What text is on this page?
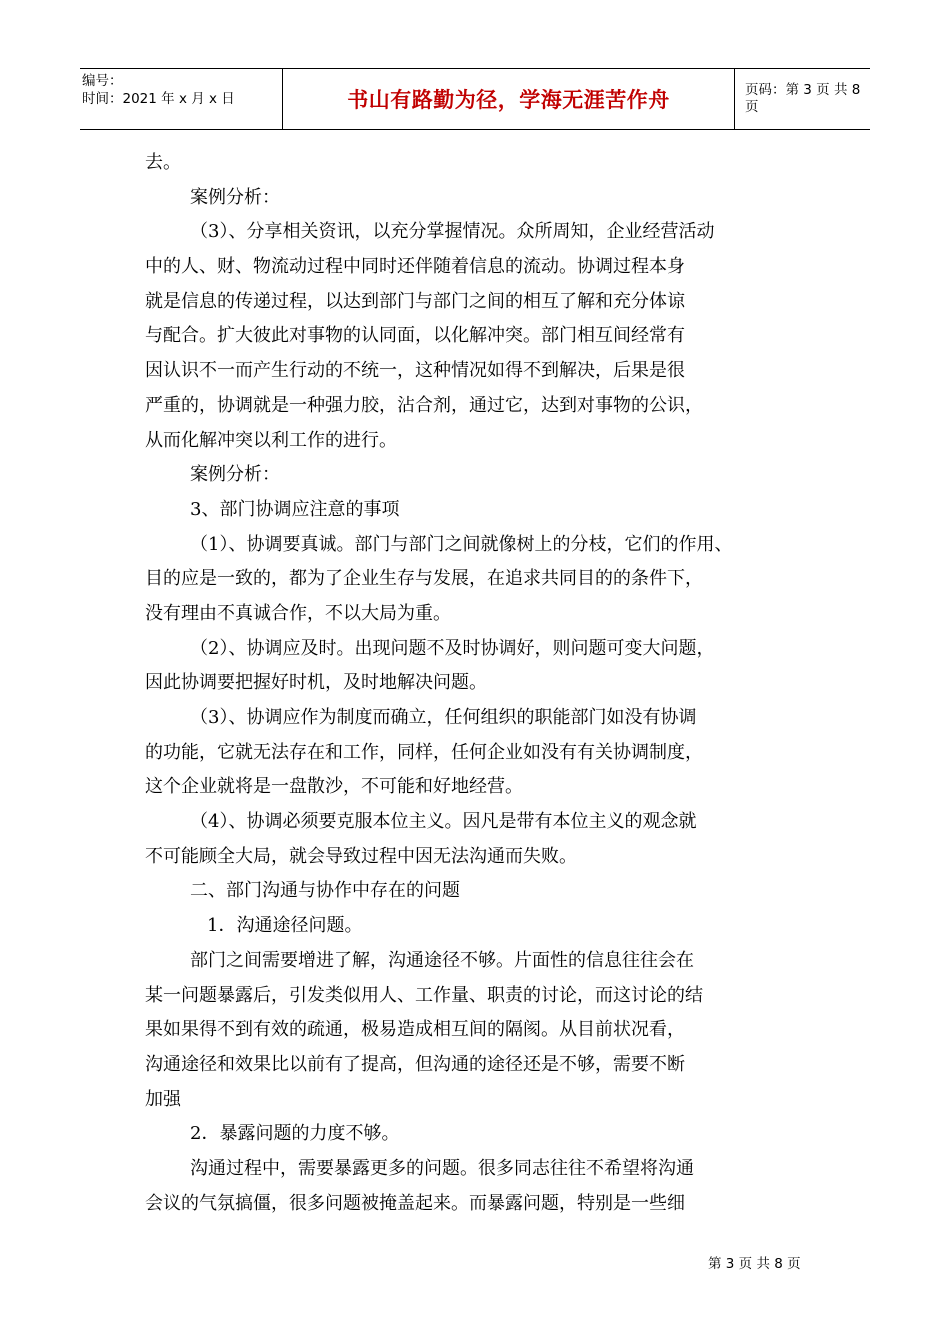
编号：
时间：2021 年 x 月 x 日	书山有路勤为径，学海无涯苦作舟	页码：第 3 页 共 8 页
去。
案例分析：
（3）、分享相关资讯，以充分掌握情况。众所周知，企业经营活动
中的人、财、物流动过程中同时还伴随着信息的流动。协调过程本身
就是信息的传递过程，以达到部门与部门之间的相互了解和充分体谅
与配合。扩大彼此对事物的认同面，以化解冲突。部门相互间经常有
因认识不一而产生行动的不统一，这种情况如得不到解决，后果是很
严重的，协调就是一种强力胶，沾合剂，通过它，达到对事物的公识，
从而化解冲突以利工作的进行。
案例分析：
3、部门协调应注意的事项
（1）、协调要真诚。部门与部门之间就像树上的分枝，它们的作用、
目的应是一致的，都为了企业生存与发展，在追求共同目的的条件下，
没有理由不真诚合作，不以大局为重。
（2）、协调应及时。出现问题不及时协调好，则问题可变大问题，
因此协调要把握好时机，及时地解决问题。
（3）、协调应作为制度而确立，任何组织的职能部门如没有协调
的功能，它就无法存在和工作，同样，任何企业如没有有关协调制度，
这个企业就将是一盘散沙，不可能和好地经营。
（4）、协调必须要克服本位主义。因凡是带有本位主义的观念就
不可能顾全大局，就会导致过程中因无法沟通而失败。
二、部门沟通与协作中存在的问题
1．沟通途径问题。
部门之间需要增进了解，沟通途径不够。片面性的信息往往会在
某一问题暴露后，引发类似用人、工作量、职责的讨论，而这讨论的结
果如果得不到有效的疏通，极易造成相互间的隔阂。从目前状况看，
沟通途径和效果比以前有了提高，但沟通的途径还是不够，需要不断
加强
2．暴露问题的力度不够。
沟通过程中，需要暴露更多的问题。很多同志往往不希望将沟通
会议的气氛搞僵，很多问题被掩盖起来。而暴露问题，特别是一些细
第 3 页 共 8 页
